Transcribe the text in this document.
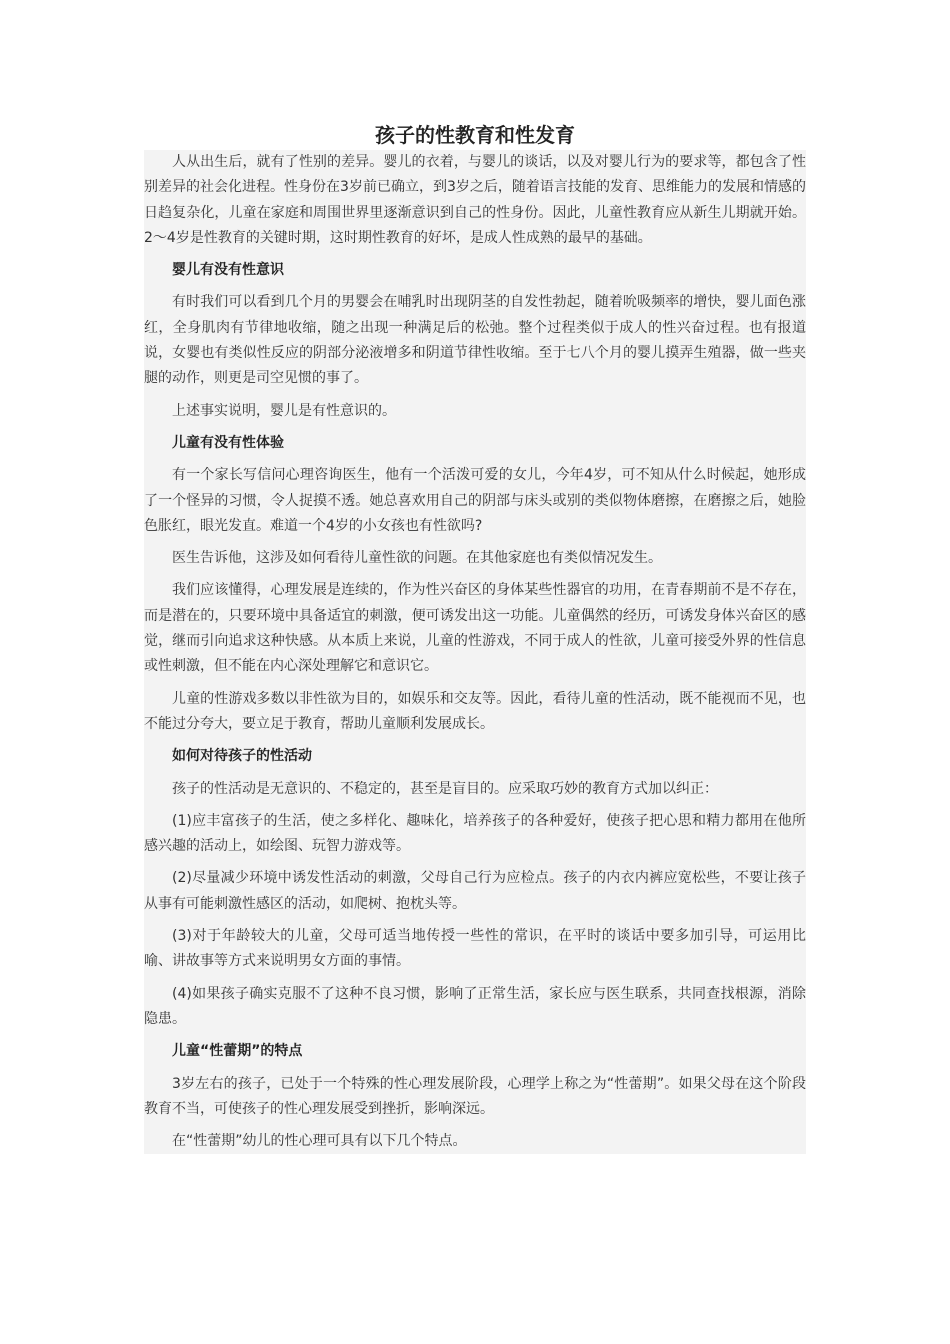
孩子的性教育和性发育

人从出生后，就有了性别的差异。婴儿的衣着，与婴儿的谈话，以及对婴儿行为的要求等，都包含了性别差异的社会化进程。性身份在3岁前已确立，到3岁之后，随着语言技能的发育、思维能力的发展和情感的日趋复杂化，儿童在家庭和周围世界里逐渐意识到自己的性身份。因此，儿童性教育应从新生儿期就开始。2～4岁是性教育的关键时期，这时期性教育的好坏，是成人性成熟的最早的基础。

婴儿有没有性意识

有时我们可以看到几个月的男婴会在哺乳时出现阴茎的自发性勃起，随着吮吸频率的增快，婴儿面色涨红，全身肌肉有节律地收缩，随之出现一种满足后的松弛。整个过程类似于成人的性兴奋过程。也有报道说，女婴也有类似性反应的阴部分泌液增多和阴道节律性收缩。至于七八个月的婴儿摸弄生殖器，做一些夹腿的动作，则更是司空见惯的事了。

上述事实说明，婴儿是有性意识的。

儿童有没有性体验

有一个家长写信问心理咨询医生，他有一个活泼可爱的女儿，今年4岁，可不知从什么时候起，她形成了一个怪异的习惯，令人捉摸不透。她总喜欢用自己的阴部与床头或别的类似物体磨擦，在磨擦之后，她脸色胀红，眼光发直。难道一个4岁的小女孩也有性欲吗?

医生告诉他，这涉及如何看待儿童性欲的问题。在其他家庭也有类似情况发生。

我们应该懂得，心理发展是连续的，作为性兴奋区的身体某些性器官的功用，在青春期前不是不存在，而是潜在的，只要环境中具备适宜的刺激，便可诱发出这一功能。儿童偶然的经历，可诱发身体兴奋区的感觉，继而引向追求这种快感。从本质上来说，儿童的性游戏，不同于成人的性欲，儿童可接受外界的性信息或性刺激，但不能在内心深处理解它和意识它。

儿童的性游戏多数以非性欲为目的，如娱乐和交友等。因此，看待儿童的性活动，既不能视而不见，也不能过分夸大，要立足于教育，帮助儿童顺利发展成长。

如何对待孩子的性活动

孩子的性活动是无意识的、不稳定的，甚至是盲目的。应采取巧妙的教育方式加以纠正：

(1)应丰富孩子的生活，使之多样化、趣味化，培养孩子的各种爱好，使孩子把心思和精力都用在他所感兴趣的活动上，如绘图、玩智力游戏等。

(2)尽量减少环境中诱发性活动的刺激，父母自己行为应检点。孩子的内衣内裤应宽松些，不要让孩子从事有可能刺激性感区的活动，如爬树、抱枕头等。

(3)对于年龄较大的儿童，父母可适当地传授一些性的常识，在平时的谈话中要多加引导，可运用比喻、讲故事等方式来说明男女方面的事情。

(4)如果孩子确实克服不了这种不良习惯，影响了正常生活，家长应与医生联系，共同查找根源，消除隐患。

儿童“性蕾期”的特点

3岁左右的孩子，已处于一个特殊的性心理发展阶段，心理学上称之为“性蕾期”。如果父母在这个阶段教育不当，可使孩子的性心理发展受到挫折，影响深远。

在“性蕾期”幼儿的性心理可具有以下几个特点。
